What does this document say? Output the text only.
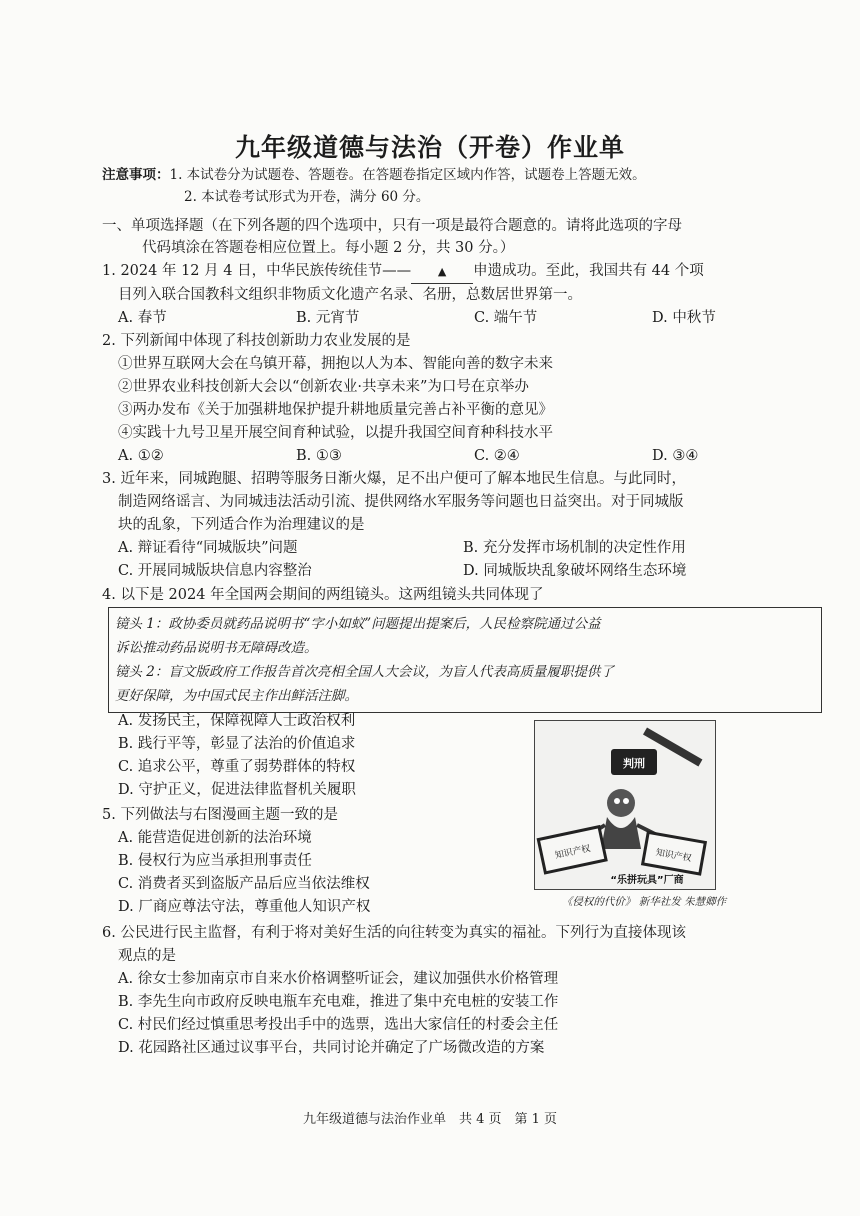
九年级道德与法治（开卷）作业单
注意事项：1. 本试卷分为试题卷、答题卷。在答题卷指定区域内作答，试题卷上答题无效。
2. 本试卷考试形式为开卷，满分 60 分。
一、单项选择题（在下列各题的四个选项中，只有一项是最符合题意的。请将此选项的字母
代码填涂在答题卷相应位置上。每小题 2 分，共 30 分。）
1. 2024 年 12 月 4 日，中华民族传统佳节—— ▲ 申遗成功。至此，我国共有 44 个项
目列入联合国教科文组织非物质文化遗产名录、名册，总数居世界第一。
A. 春节	B. 元宵节	C. 端午节	D. 中秋节
2. 下列新闻中体现了科技创新助力农业发展的是
①世界互联网大会在乌镇开幕，拥抱以人为本、智能向善的数字未来
②世界农业科技创新大会以“创新农业·共享未来”为口号在京举办
③两办发布《关于加强耕地保护提升耕地质量完善占补平衡的意见》
④实践十九号卫星开展空间育种试验，以提升我国空间育种科技水平
A. ①②	B. ①③	C. ②④	D. ③④
3. 近年来，同城跑腿、招聘等服务日渐火爆，足不出户便可了解本地民生信息。与此同时，
制造网络谣言、为同城违法活动引流、提供网络水军服务等问题也日益突出。对于同城版
块的乱象，下列适合作为治理建议的是
A. 辩证看待“同城版块”问题	B. 充分发挥市场机制的决定性作用
C. 开展同城版块信息内容整治	D. 同城版块乱象破坏网络生态环境
4. 以下是 2024 年全国两会期间的两组镜头。这两组镜头共同体现了
镜头 1：政协委员就药品说明书“字小如蚁”问题提出提案后，人民检察院通过公益
诉讼推动药品说明书无障碍改造。
镜头 2：盲文版政府工作报告首次亮相全国人大会议，为盲人代表高质量履职提供了
更好保障，为中国式民主作出鲜活注脚。
A. 发扬民主，保障视障人士政治权利
B. 践行平等，彰显了法治的价值追求
C. 追求公平，尊重了弱势群体的特权
D. 守护正义，促进法律监督机关履职
5. 下列做法与右图漫画主题一致的是
A. 能营造促进创新的法治环境
B. 侵权行为应当承担刑事责任
C. 消费者买到盗版产品后应当依法维权
D. 厂商应尊法守法，尊重他人知识产权
判刑
知识产权	知识产权
“乐拼玩具”厂商
《侵权的代价》 新华社发 朱慧卿作
6. 公民进行民主监督，有利于将对美好生活的向往转变为真实的福祉。下列行为直接体现该
观点的是
A. 徐女士参加南京市自来水价格调整听证会，建议加强供水价格管理
B. 李先生向市政府反映电瓶车充电难，推进了集中充电桩的安装工作
C. 村民们经过慎重思考投出手中的选票，选出大家信任的村委会主任
D. 花园路社区通过议事平台，共同讨论并确定了广场微改造的方案
九年级道德与法治作业单　共 4 页　第 1 页
